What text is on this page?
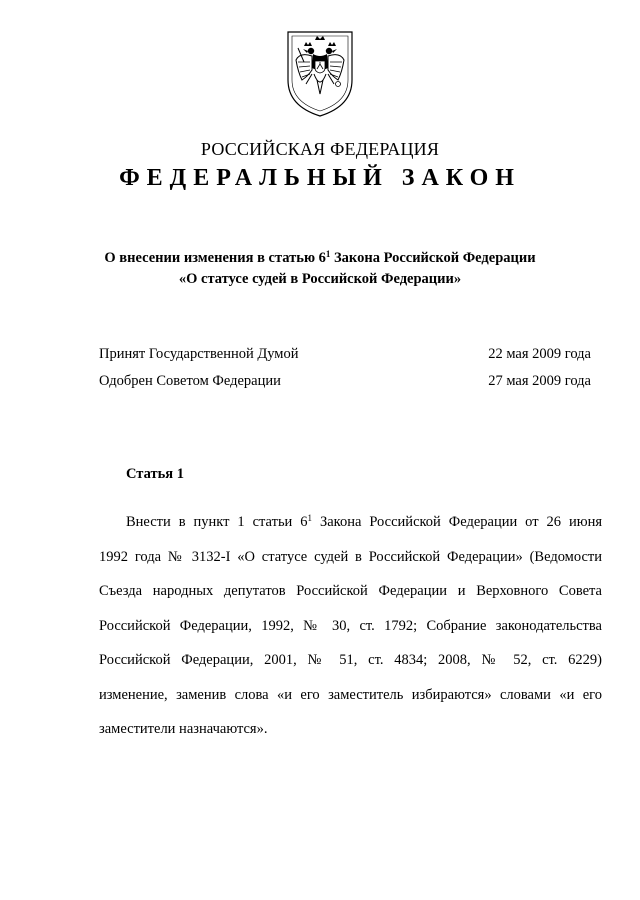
РОССИЙСКАЯ ФЕДЕРАЦИЯ
ФЕДЕРАЛЬНЫЙ ЗАКОН
О внесении изменения в статью $6^1$ Закона Российской Федерации
«О статусе судей в Российской Федерации»
Принят Государственной Думой	22 мая 2009 года
Одобрен Советом Федерации	27 мая 2009 года
Статья 1
Внести в пункт 1 статьи $6^1$ Закона Российской Федерации от 26 июня
1992 года № 3132-I «О статусе судей в Российской Федерации» (Ведомости
Съезда народных депутатов Российской Федерации и Верховного Совета
Российской Федерации, 1992, № 30, ст. 1792; Собрание законодательства
Российской Федерации, 2001, № 51, ст. 4834; 2008, № 52, ст. 6229)
изменение, заменив слова «и его заместитель избираются» словами «и его
заместители назначаются».
